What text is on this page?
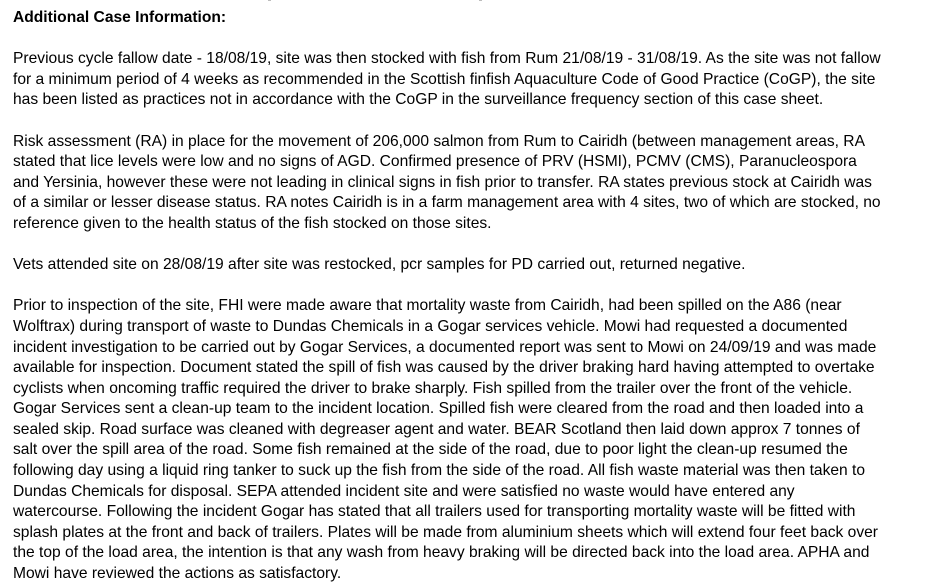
Additional Case Information:
Previous cycle fallow date - 18/08/19, site was then stocked with fish from Rum 21/08/19 - 31/08/19. As the site was not fallow
for a minimum period of 4 weeks as recommended in the Scottish finfish Aquaculture Code of Good Practice (CoGP), the site
has been listed as practices not in accordance with the CoGP in the surveillance frequency section of this case sheet.
Risk assessment (RA) in place for the movement of 206,000 salmon from Rum to Cairidh (between management areas, RA
stated that lice levels were low and no signs of AGD. Confirmed presence of PRV (HSMI), PCMV (CMS), Paranucleospora
and Yersinia, however these were not leading in clinical signs in fish prior to transfer. RA states previous stock at Cairidh was
of a similar or lesser disease status. RA notes Cairidh is in a farm management area with 4 sites, two of which are stocked, no
reference given to the health status of the fish stocked on those sites.
Vets attended site on 28/08/19 after site was restocked, pcr samples for PD carried out, returned negative.
Prior to inspection of the site, FHI were made aware that mortality waste from Cairidh, had been spilled on the A86 (near
Wolftrax) during transport of waste to Dundas Chemicals in a Gogar services vehicle. Mowi had requested a documented
incident investigation to be carried out by Gogar Services, a documented report was sent to Mowi on 24/09/19 and was made
available for inspection. Document stated the spill of fish was caused by the driver braking hard having attempted to overtake
cyclists when oncoming traffic required the driver to brake sharply. Fish spilled from the trailer over the front of the vehicle.
Gogar Services sent a clean-up team to the incident location. Spilled fish were cleared from the road and then loaded into a
sealed skip. Road surface was cleaned with degreaser agent and water. BEAR Scotland then laid down approx 7 tonnes of
salt over the spill area of the road. Some fish remained at the side of the road, due to poor light the clean-up resumed the
following day using a liquid ring tanker to suck up the fish from the side of the road. All fish waste material was then taken to
Dundas Chemicals for disposal. SEPA attended incident site and were satisfied no waste would have entered any
watercourse. Following the incident Gogar has stated that all trailers used for transporting mortality waste will be fitted with
splash plates at the front and back of trailers. Plates will be made from aluminium sheets which will extend four feet back over
the top of the load area, the intention is that any wash from heavy braking will be directed back into the load area. APHA and
Mowi have reviewed the actions as satisfactory.
